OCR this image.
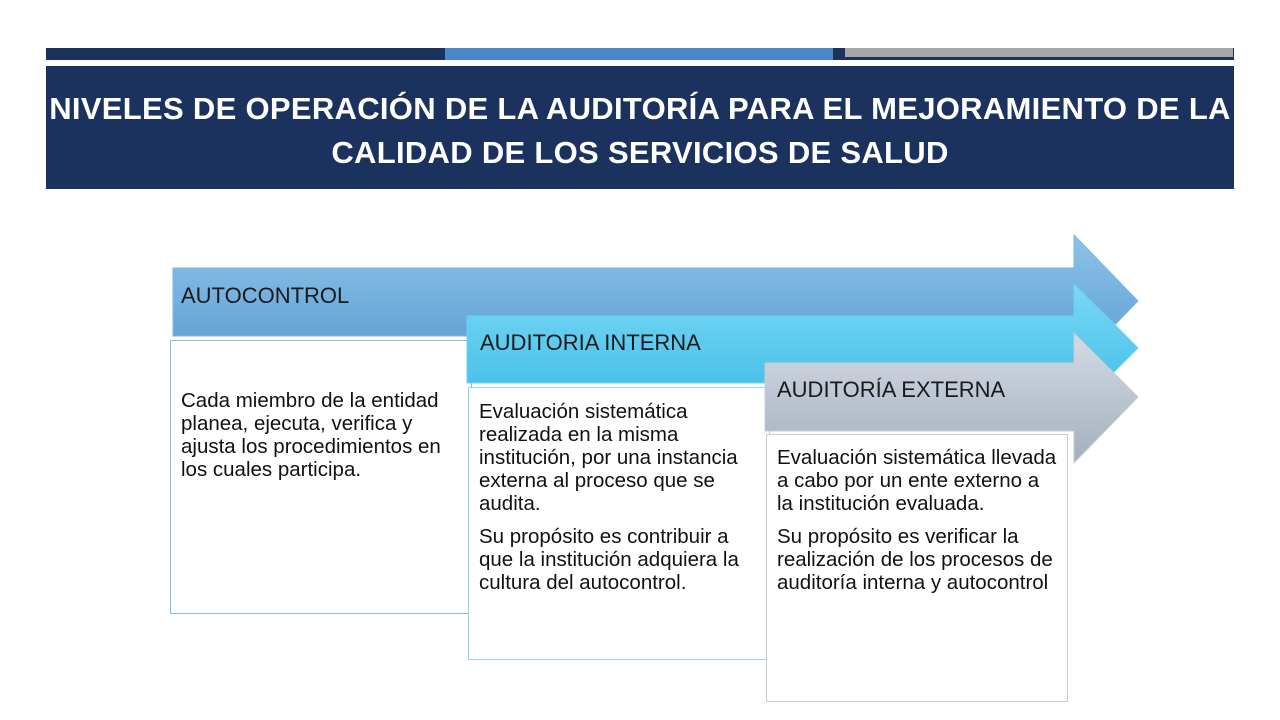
NIVELES DE OPERACIÓN DE LA AUDITORÍA PARA EL MEJORAMIENTO DE LA CALIDAD DE LOS SERVICIOS DE SALUD
AUTOCONTROL

Cada miembro de la entidad planea, ejecuta, verifica y ajusta los procedimientos en los cuales participa.

AUDITORIA INTERNA

Evaluación sistemática realizada en la misma institución, por una instancia externa al proceso que se audita.

Su propósito es contribuir a que la institución adquiera la cultura del autocontrol.

AUDITORÍA EXTERNA

Evaluación sistemática llevada a cabo por un ente externo a la institución evaluada.

Su propósito es verificar la realización de los procesos de auditoría interna y autocontrol
